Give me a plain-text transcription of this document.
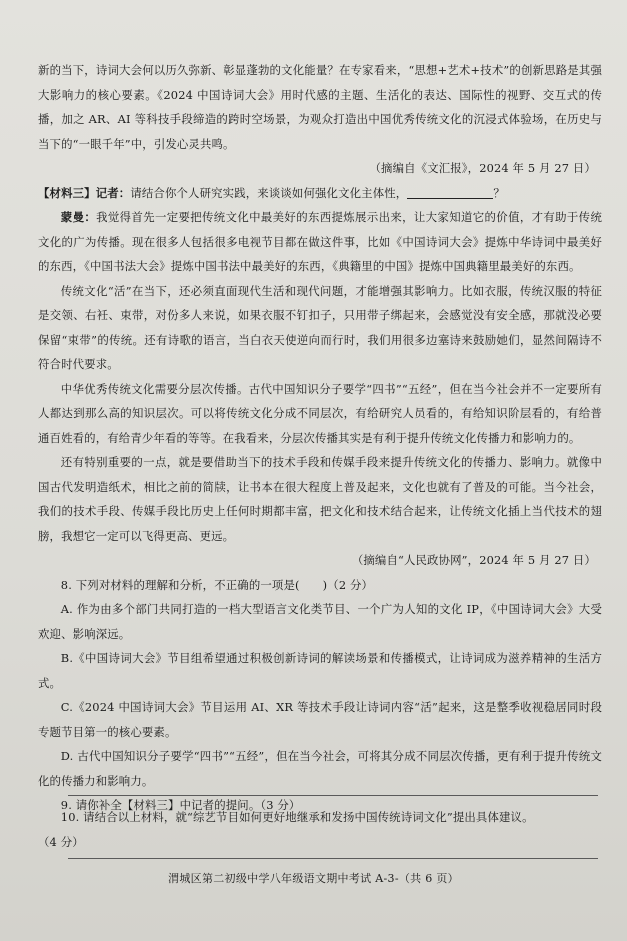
新的当下，诗词大会何以历久弥新、彰显蓬勃的文化能量？在专家看来，“思想+艺术+技术”的创新思路是其强大影响力的核心要素。《2024 中国诗词大会》用时代感的主题、生活化的表达、国际性的视野、交互式的传播，加之 AR、AI 等科技手段缔造的跨时空场景，为观众打造出中国优秀传统文化的沉浸式体验场，在历史与当下的“一眼千年”中，引发心灵共鸣。

（摘编自《文汇报》，2024 年 5 月 27 日）

【材料三】记者：请结合你个人研究实践，来谈谈如何强化文化主体性，	？

蒙曼：我觉得首先一定要把传统文化中最美好的东西提炼展示出来，让大家知道它的价值，才有助于传统文化的广为传播。现在很多人包括很多电视节目都在做这件事，比如《中国诗词大会》提炼中华诗词中最美好的东西，《中国书法大会》提炼中国书法中最美好的东西，《典籍里的中国》提炼中国典籍里最美好的东西。

传统文化“活”在当下，还必须直面现代生活和现代问题，才能增强其影响力。比如衣服，传统汉服的特征是交领、右衽、束带，对份多人来说，如果衣服不钉扣子，只用带子绑起来，会感觉没有安全感，那就没必要保留“束带”的传统。还有诗歌的语言，当白衣天使逆向而行时，我们用很多边塞诗来鼓励她们，显然间隔诗不符合时代要求。

中华优秀传统文化需要分层次传播。古代中国知识分子要学“四书”“五经”，但在当今社会并不一定要所有人都达到那么高的知识层次。可以将传统文化分成不同层次，有给研究人员看的，有给知识阶层看的，有给普通百姓看的，有给青少年看的等等。在我看来，分层次传播其实是有利于提升传统文化传播力和影响力的。

还有特别重要的一点，就是要借助当下的技术手段和传媒手段来提升传统文化的传播力、影响力。就像中国古代发明造纸术，相比之前的简牍，让书本在很大程度上普及起来，文化也就有了普及的可能。当今社会，我们的技术手段、传媒手段比历史上任何时期都丰富，把文化和技术结合起来，让传统文化插上当代技术的翅膀，我想它一定可以飞得更高、更远。

（摘编自“人民政协网”，2024 年 5 月 27 日）

8. 下列对材料的理解和分析，不正确的一项是(　　)（2 分）

A. 作为由多个部门共同打造的一档大型语言文化类节目、一个广为人知的文化 IP，《中国诗词大会》大受欢迎、影响深远。

B.《中国诗词大会》节目组希望通过积极创新诗词的解读场景和传播模式，让诗词成为滋养精神的生活方式。

C.《2024 中国诗词大会》节目运用 AI、XR 等技术手段让诗词内容“活”起来，这是整季收视稳居同时段专题节目第一的核心要素。

D. 古代中国知识分子要学“四书”“五经”，但在当今社会，可将其分成不同层次传播，更有利于提升传统文化的传播力和影响力。

9. 请你补全【材料三】中记者的提问。（3 分）

10. 请结合以上材料，就“综艺节目如何更好地继承和发扬中国传统诗词文化”提出具体建议。

（4 分）

渭城区第二初级中学八年级语文期中考试 A-3-（共 6 页）
